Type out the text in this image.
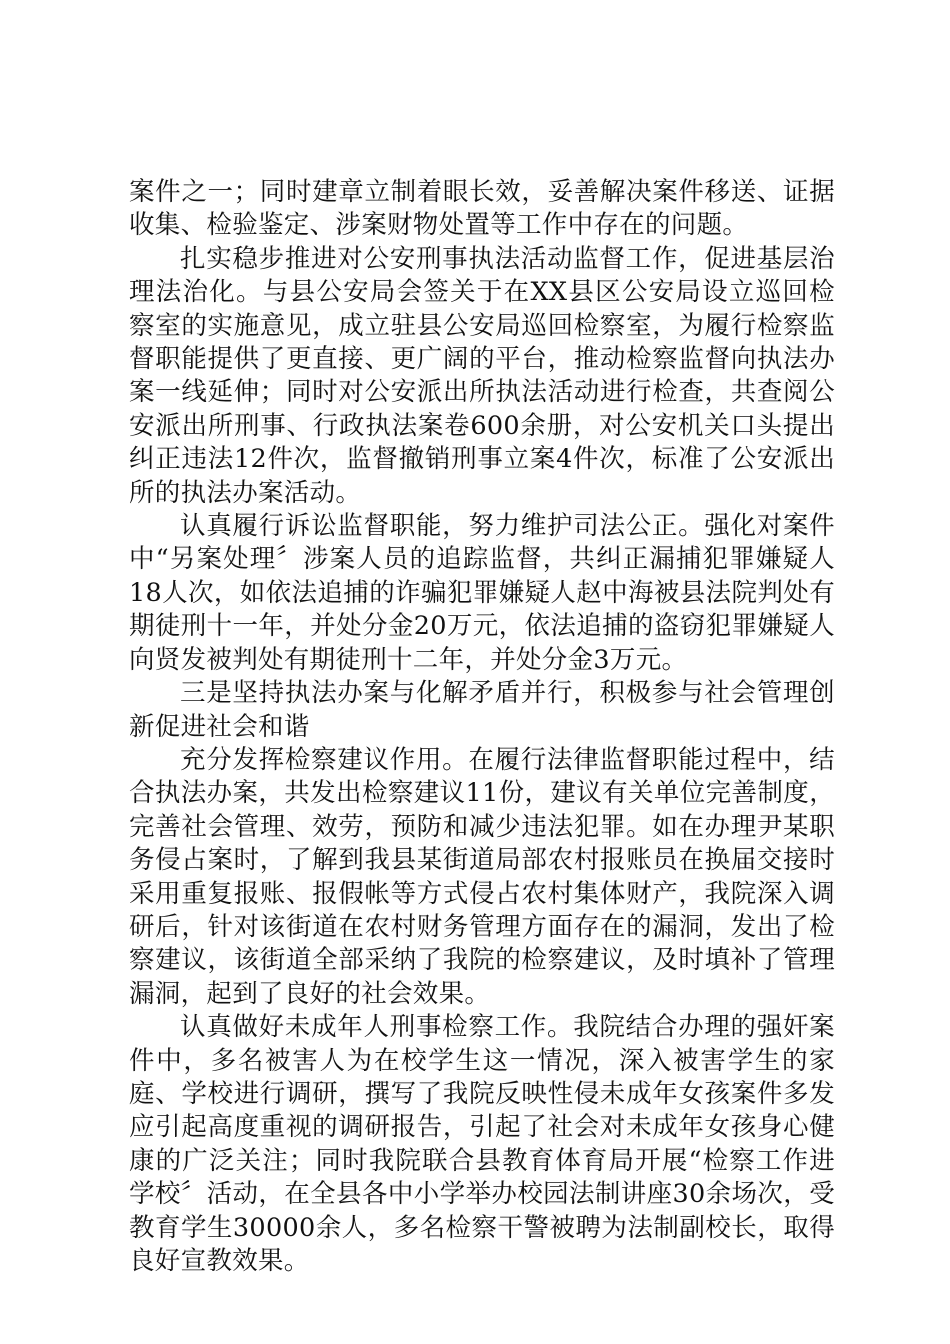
案件之一；同时建章立制着眼长效，妥善解决案件移送、证据收集、检验鉴定、涉案财物处置等工作中存在的问题。

扎实稳步推进对公安刑事执法活动监督工作，促进基层治理法治化。与县公安局会签关于在XX县区公安局设立巡回检察室的实施意见，成立驻县公安局巡回检察室，为履行检察监督职能提供了更直接、更广阔的平台，推动检察监督向执法办案一线延伸；同时对公安派出所执法活动进行检查，共查阅公安派出所刑事、行政执法案卷600余册，对公安机关口头提出纠正违法12件次，监督撤销刑事立案4件次，标准了公安派出所的执法办案活动。

认真履行诉讼监督职能，努力维护司法公正。强化对案件中“另案处理〞涉案人员的追踪监督，共纠正漏捕犯罪嫌疑人18人次，如依法追捕的诈骗犯罪嫌疑人赵中海被县法院判处有期徒刑十一年，并处分金20万元，依法追捕的盗窃犯罪嫌疑人向贤发被判处有期徒刑十二年，并处分金3万元。

三是坚持执法办案与化解矛盾并行，积极参与社会管理创新促进社会和谐

充分发挥检察建议作用。在履行法律监督职能过程中，结合执法办案，共发出检察建议11份，建议有关单位完善制度，完善社会管理、效劳，预防和减少违法犯罪。如在办理尹某职务侵占案时，了解到我县某街道局部农村报账员在换届交接时采用重复报账、报假帐等方式侵占农村集体财产，我院深入调研后，针对该街道在农村财务管理方面存在的漏洞，发出了检察建议，该街道全部采纳了我院的检察建议，及时填补了管理漏洞，起到了良好的社会效果。

认真做好未成年人刑事检察工作。我院结合办理的强奸案件中，多名被害人为在校学生这一情况，深入被害学生的家庭、学校进行调研，撰写了我院反映性侵未成年女孩案件多发应引起高度重视的调研报告，引起了社会对未成年女孩身心健康的广泛关注；同时我院联合县教育体育局开展“检察工作进学校〞活动，在全县各中小学举办校园法制讲座30余场次，受教育学生30000余人，多名检察干警被聘为法制副校长，取得良好宣教效果。
